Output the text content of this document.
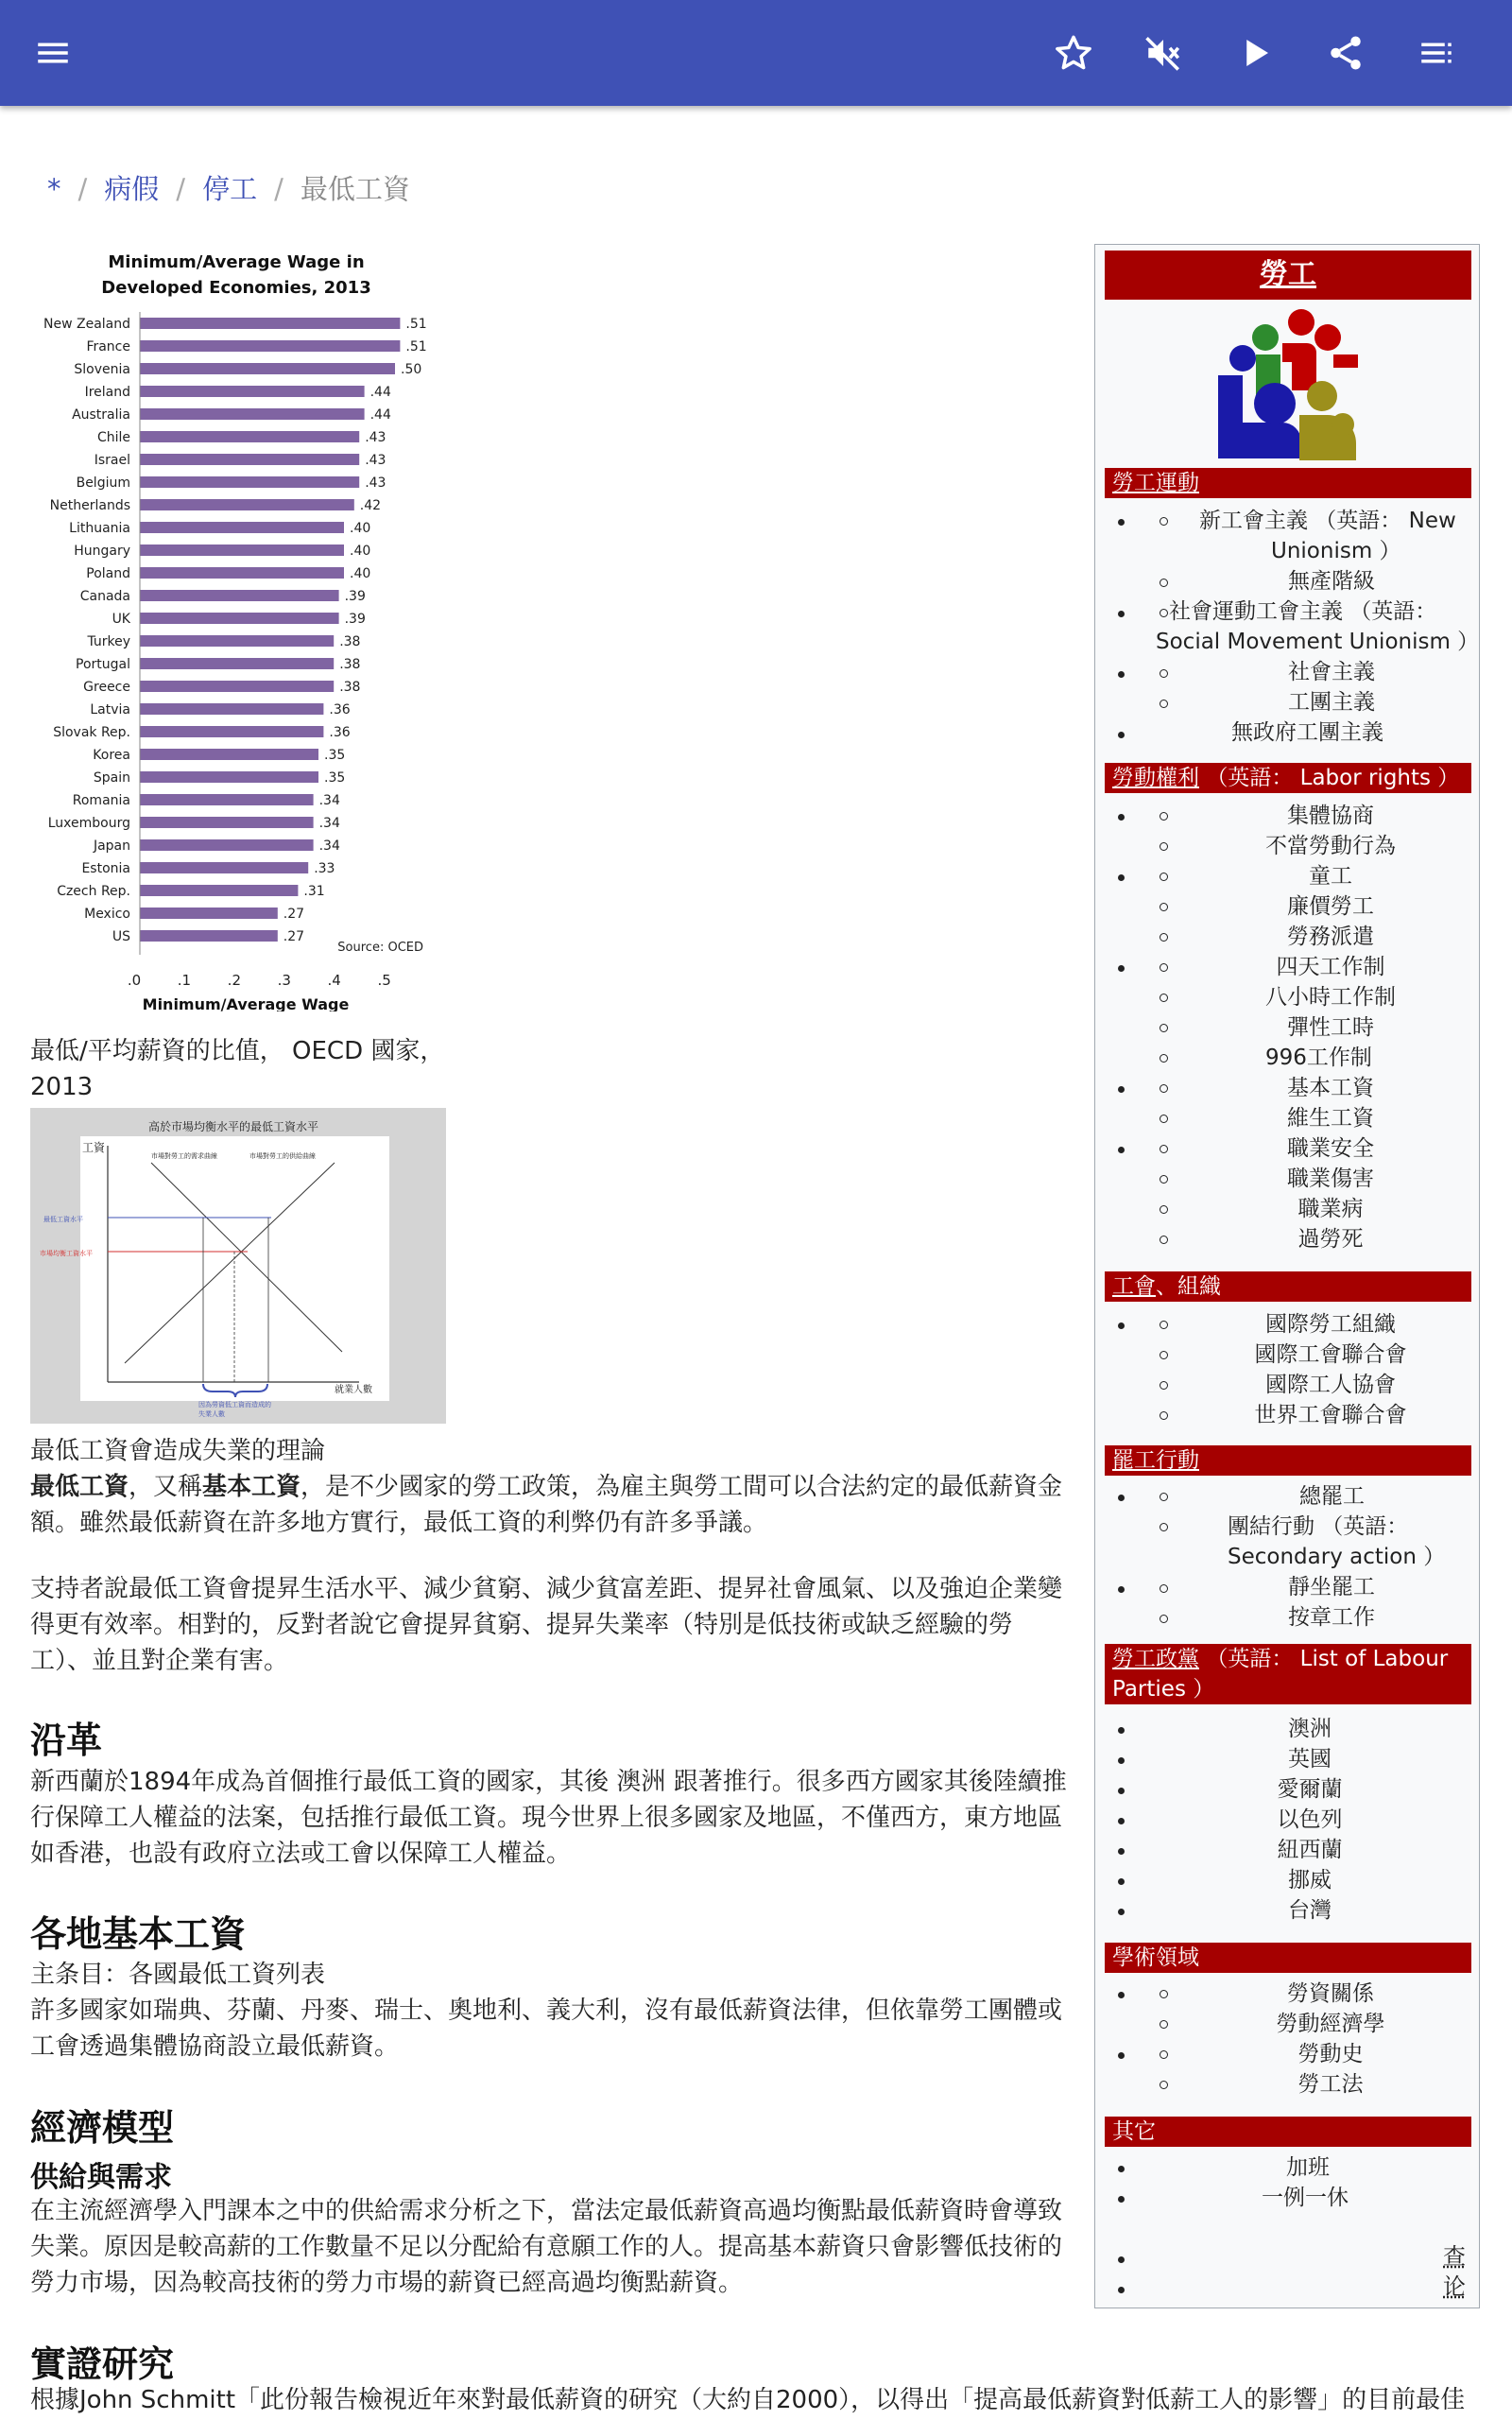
* / 病假 / 停工 / 最低工資
Minimum/Average Wage in
Developed Economies, 2013
New Zealand	.51
France	.51
Slovenia	.50
Ireland	.44
Australia	.44
Chile	.43
Israel	.43
Belgium	.43
Netherlands	.42
Lithuania	.40
Hungary	.40
Poland	.40
Canada	.39
UK	.39
Turkey	.38
Portugal	.38
Greece	.38
Latvia	.36
Slovak Rep.	.36
Korea	.35
Spain	.35
Romania	.34
Luxembourg	.34
Japan	.34
Estonia	.33
Czech Rep.	.31
Mexico	.27
US	.27
Source: OCED
.0	.1	.2	.3	.4	.5
Minimum/Average Wage
最低/平均薪資的比值， OECD 國家，
2013
高於市場均衡水平的最低工資水平
工資
市場對勞工的需求曲線	市場對勞工的供給曲線
最低工資水平
市場均衡工資水平
因為勞資低工資而造成的
失業人數
就業人數
最低工資會造成失業的理論
最低工資，又稱基本工資，是不少國家的勞工政策，為雇主與勞工間可以合法約定的最低薪資金額。雖然最低薪資在許多地方實行，最低工資的利弊仍有許多爭議。
支持者說最低工資會提昇生活水平、減少貧窮、減少貧富差距、提昇社會風氣、以及強迫企業變得更有效率。相對的，反對者說它會提昇貧窮、提昇失業率（特別是低技術或缺乏經驗的勞工）、並且對企業有害。
沿革
新西蘭於1894年成為首個推行最低工資的國家，其後 澳洲 跟著推行。很多西方國家其後陸續推行保障工人權益的法案，包括推行最低工資。現今世界上很多國家及地區，不僅西方，東方地區如香港，也設有政府立法或工會以保障工人權益。
各地基本工資
主条目：各國最低工資列表
許多國家如瑞典、芬蘭、丹麥、瑞士、奧地利、義大利，沒有最低薪資法律，但依靠勞工團體或工會透過集體協商設立最低薪資。
經濟模型
供給與需求
在主流經濟學入門課本之中的供給需求分析之下，當法定最低薪資高過均衡點最低薪資時會導致失業。原因是較高薪的工作數量不足以分配給有意願工作的人。提高基本薪資只會影響低技術的勞力市場，因為較高技術的勞力市場的薪資已經高過均衡點薪資。
實證研究
根據John Schmitt「此份報告檢視近年來對最低薪資的研究（大約自2000），以得出「提高最低薪資對低薪工人的影響」的目前最佳
勞工
勞工運動
新工會主義 （英語： New
Unionism ）
無產階級
社會運動工會主義 （英語：
Social Movement Unionism ）
社會主義
工團主義
無政府工團主義
勞動權利 （英語： Labor rights ）
集體協商
不當勞動行為
童工
廉價勞工
勞務派遣
四天工作制
八小時工作制
彈性工時
996工作制
基本工資
維生工資
職業安全
職業傷害
職業病
過勞死
工會、組織
國際勞工組織
國際工會聯合會
國際工人協會
世界工會聯合會
罷工行動
總罷工
團結行動 （英語：
Secondary action ）
靜坐罷工
按章工作
勞工政黨 （英語： List of Labour
Parties ）
澳洲
英國
愛爾蘭
以色列
紐西蘭
挪威
台灣
學術領域
勞資關係
勞動經濟學
勞動史
勞工法
其它
加班
一例一休
查
论
